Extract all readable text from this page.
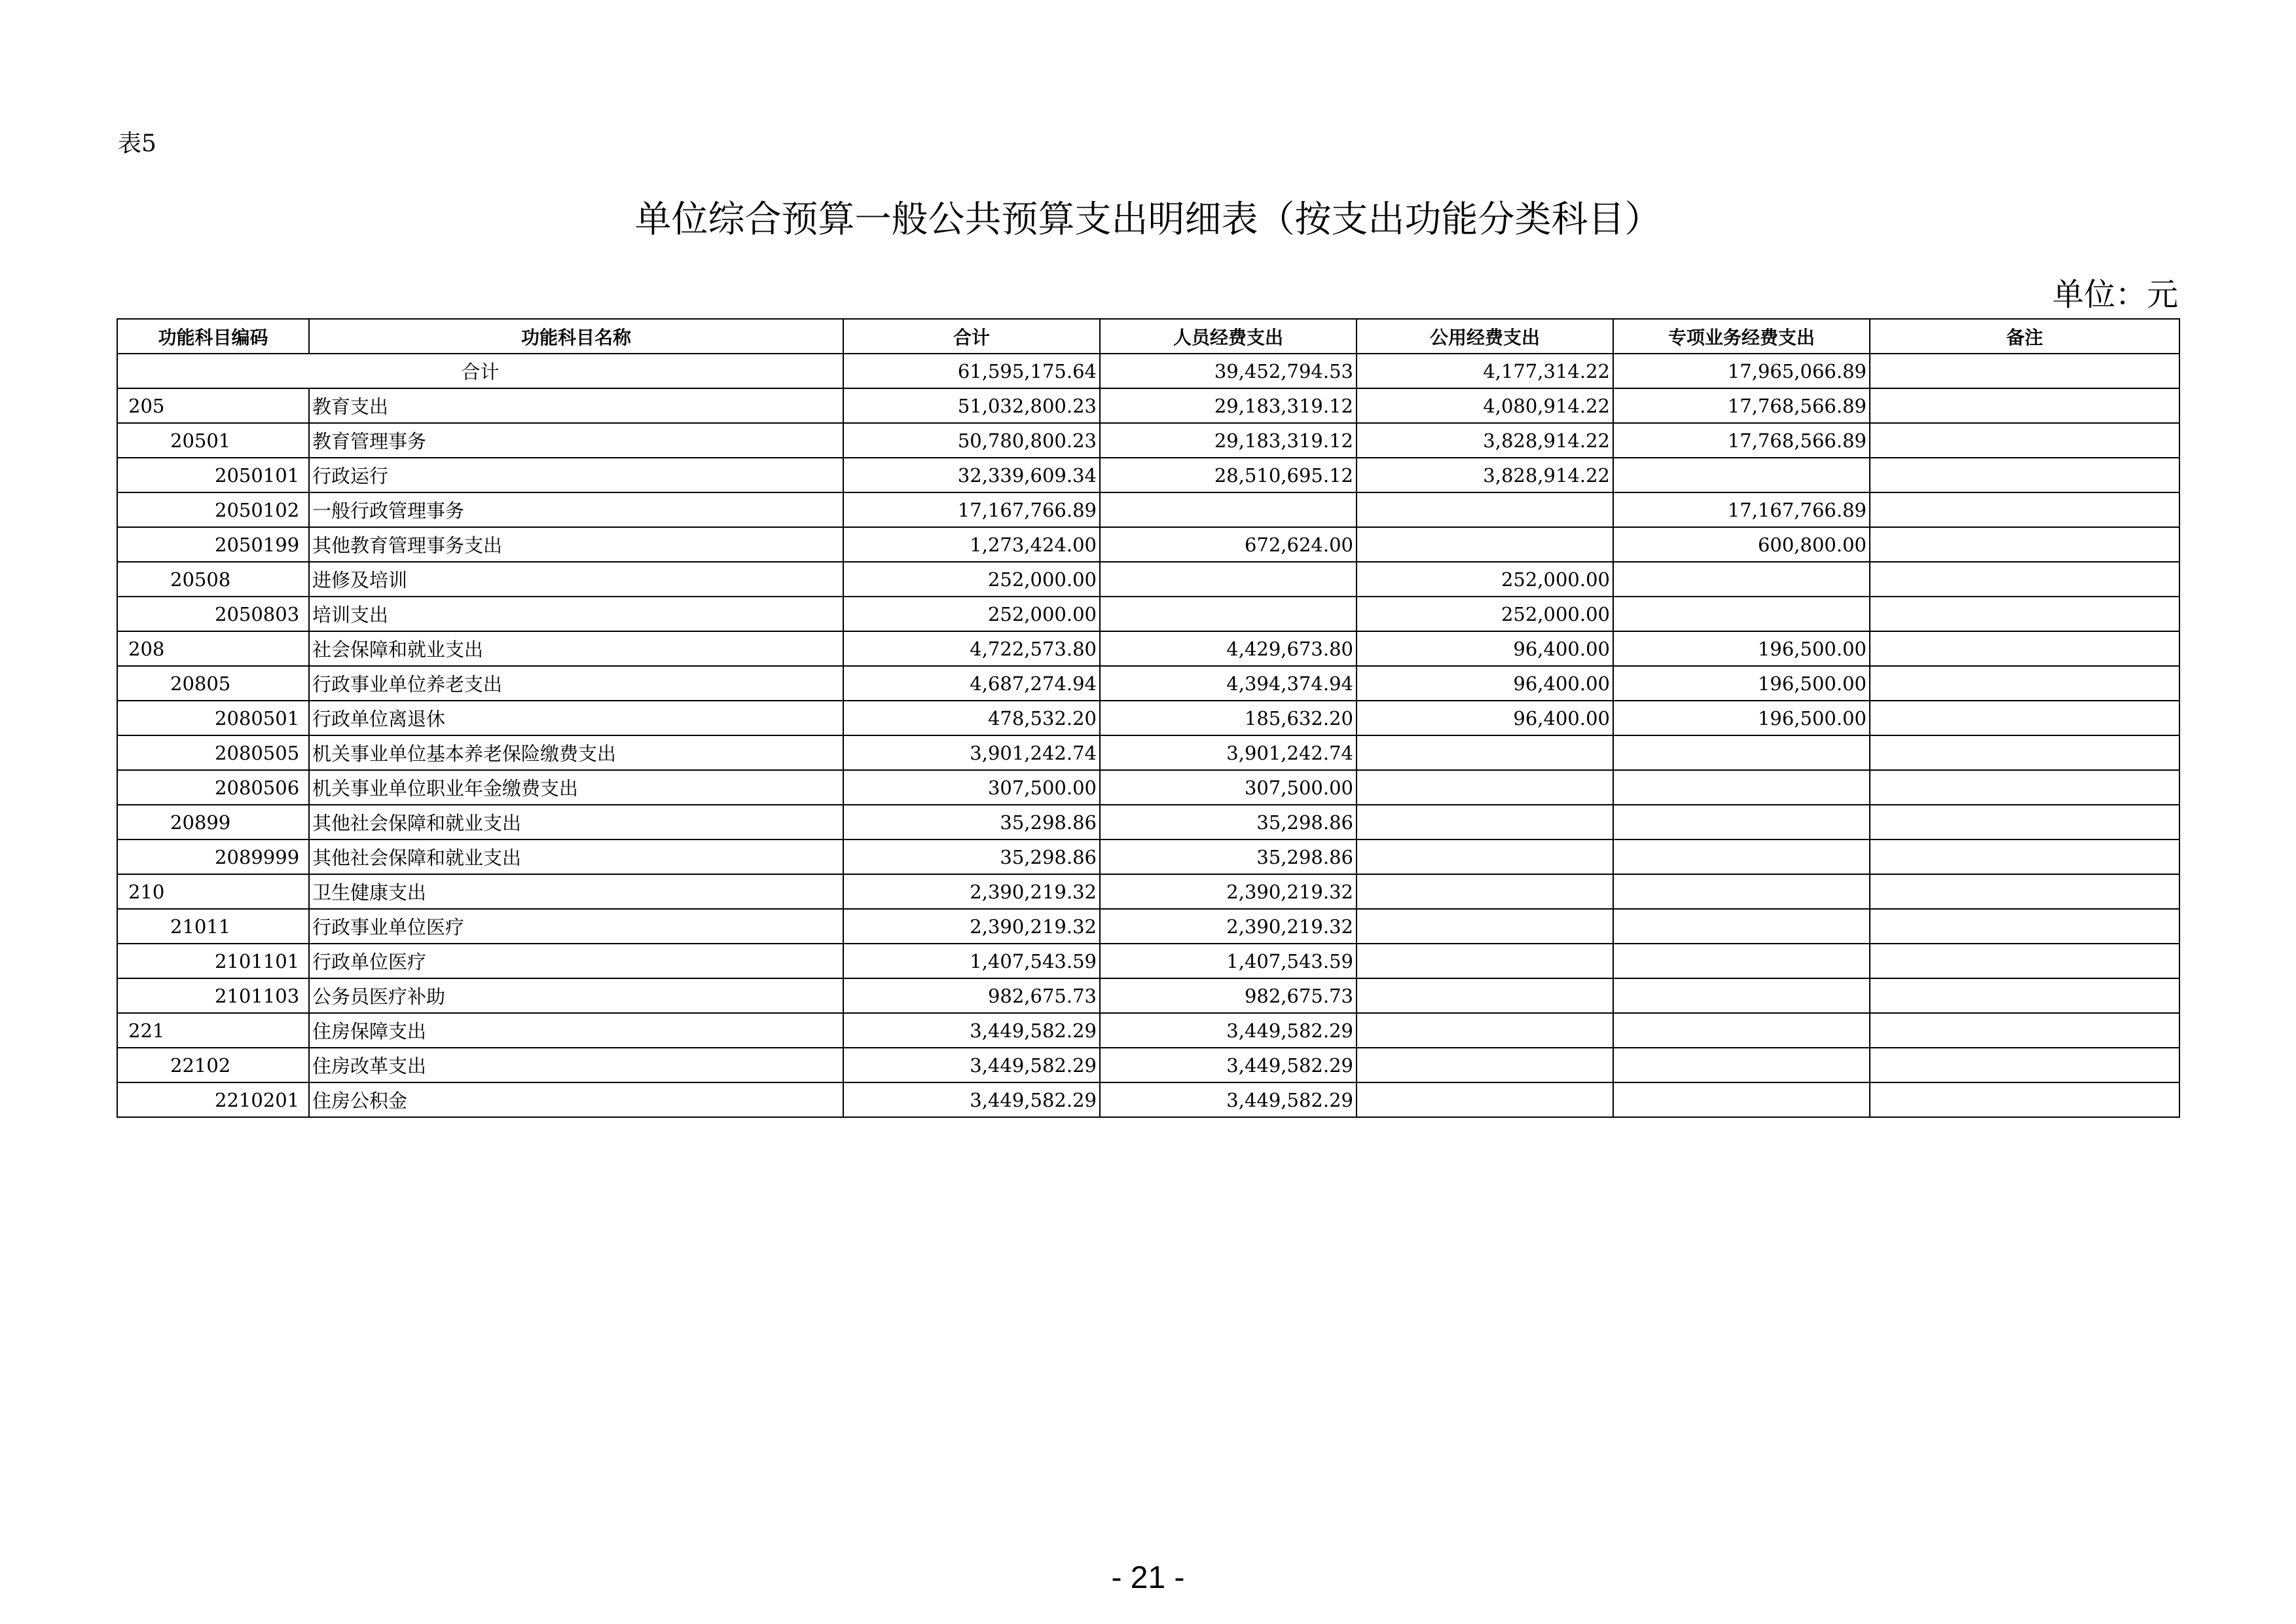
表5
单位综合预算一般公共预算支出明细表（按支出功能分类科目）
单位：元
功能科目编码	功能科目名称	合计	人员经费支出	公用经费支出	专项业务经费支出	备注
合计		61,595,175.64	39,452,794.53	4,177,314.22	17,965,066.89	
205	教育支出	51,032,800.23	29,183,319.12	4,080,914.22	17,768,566.89	
20501	教育管理事务	50,780,800.23	29,183,319.12	3,828,914.22	17,768,566.89	
2050101	行政运行	32,339,609.34	28,510,695.12	3,828,914.22		
2050102	一般行政管理事务	17,167,766.89			17,167,766.89	
2050199	其他教育管理事务支出	1,273,424.00	672,624.00		600,800.00	
20508	进修及培训	252,000.00		252,000.00		
2050803	培训支出	252,000.00		252,000.00		
208	社会保障和就业支出	4,722,573.80	4,429,673.80	96,400.00	196,500.00	
20805	行政事业单位养老支出	4,687,274.94	4,394,374.94	96,400.00	196,500.00	
2080501	行政单位离退休	478,532.20	185,632.20	96,400.00	196,500.00	
2080505	机关事业单位基本养老保险缴费支出	3,901,242.74	3,901,242.74			
2080506	机关事业单位职业年金缴费支出	307,500.00	307,500.00			
20899	其他社会保障和就业支出	35,298.86	35,298.86			
2089999	其他社会保障和就业支出	35,298.86	35,298.86			
210	卫生健康支出	2,390,219.32	2,390,219.32			
21011	行政事业单位医疗	2,390,219.32	2,390,219.32			
2101101	行政单位医疗	1,407,543.59	1,407,543.59			
2101103	公务员医疗补助	982,675.73	982,675.73			
221	住房保障支出	3,449,582.29	3,449,582.29			
22102	住房改革支出	3,449,582.29	3,449,582.29			
2210201	住房公积金	3,449,582.29	3,449,582.29			
- 21 -
